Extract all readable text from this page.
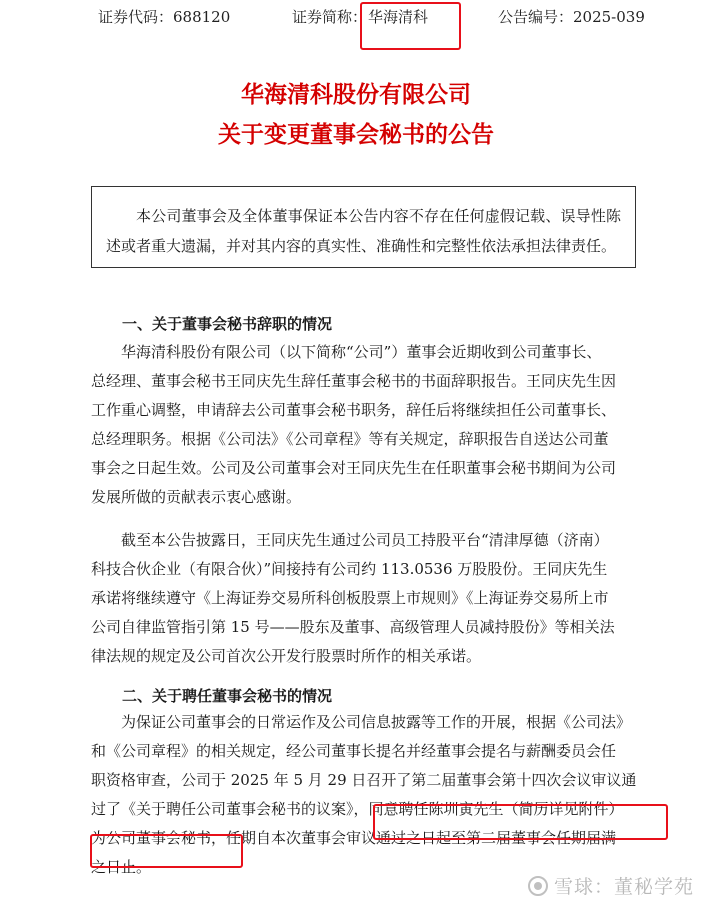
证券代码：688120	证券简称： 华海清科	公告编号：2025-039
华海清科股份有限公司
关于变更董事会秘书的公告
本公司董事会及全体董事保证本公告内容不存在任何虚假记载、误导性陈述或者重大遗漏，并对其内容的真实性、准确性和完整性依法承担法律责任。
一、关于董事会秘书辞职的情况
　　华海清科股份有限公司（以下简称“公司”）董事会近期收到公司董事长、
总经理、董事会秘书王同庆先生辞任董事会秘书的书面辞职报告。王同庆先生因
工作重心调整，申请辞去公司董事会秘书职务，辞任后将继续担任公司董事长、
总经理职务。根据《公司法》《公司章程》等有关规定，辞职报告自送达公司董
事会之日起生效。公司及公司董事会对王同庆先生在任职董事会秘书期间为公司
发展所做的贡献表示衷心感谢。
　　截至本公告披露日，王同庆先生通过公司员工持股平台“清津厚德（济南）
科技合伙企业（有限合伙）”间接持有公司约 113.0536 万股股份。王同庆先生
承诺将继续遵守《上海证券交易所科创板股票上市规则》《上海证券交易所上市
公司自律监管指引第 15 号——股东及董事、高级管理人员减持股份》等相关法
律法规的规定及公司首次公开发行股票时所作的相关承诺。
二、关于聘任董事会秘书的情况
　　为保证公司董事会的日常运作及公司信息披露等工作的开展，根据《公司法》
和《公司章程》的相关规定，经公司董事长提名并经董事会提名与薪酬委员会任
职资格审查，公司于 2025 年 5 月 29 日召开了第二届董事会第十四次会议审议通
过了《关于聘任公司董事会秘书的议案》，同意聘任陈圳寅先生（简历详见附件）
为公司董事会秘书，任期自本次董事会审议通过之日起至第二届董事会任期届满
之日止。
雪球：董秘学苑
